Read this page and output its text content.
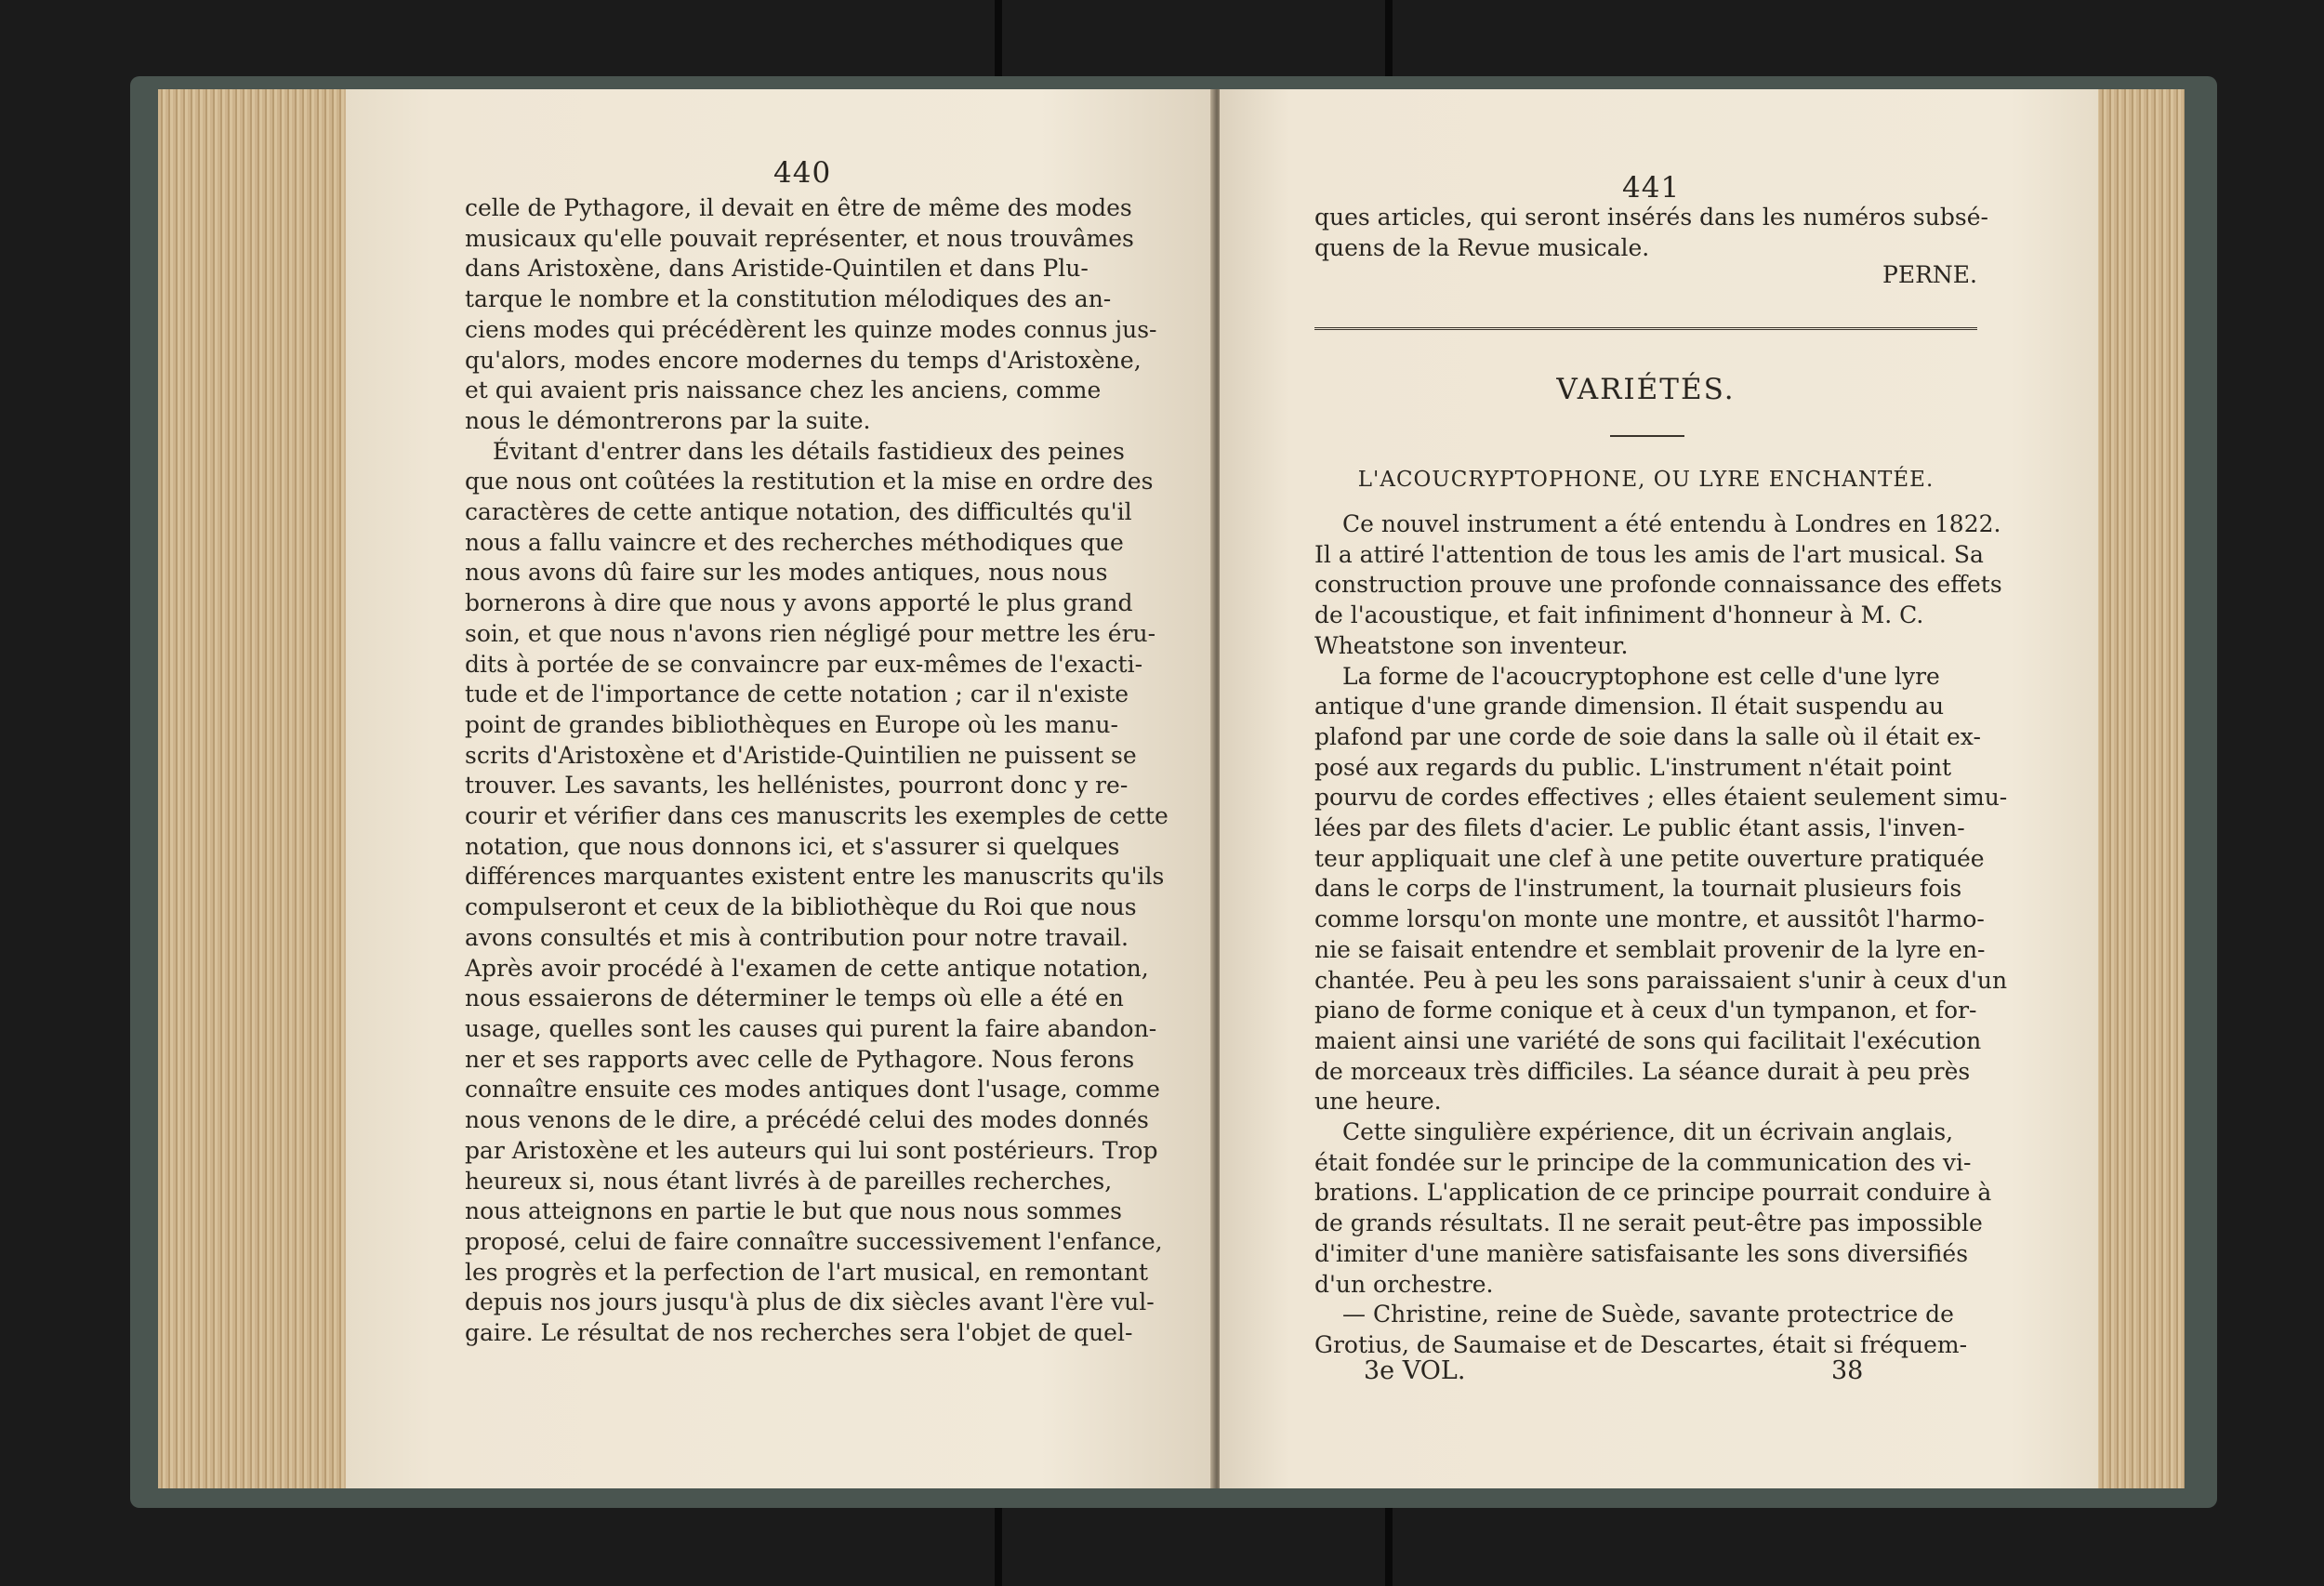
440
celle de Pythagore, il devait en être de même des modes
musicaux qu'elle pouvait représenter, et nous trouvâmes
dans Aristoxène, dans Aristide-Quintilen et dans Plu-
tarque le nombre et la constitution mélodiques des an-
ciens modes qui précédèrent les quinze modes connus jus-
qu'alors, modes encore modernes du temps d'Aristoxène,
et qui avaient pris naissance chez les anciens, comme
nous le démontrerons par la suite.
Évitant d'entrer dans les détails fastidieux des peines
que nous ont coûtées la restitution et la mise en ordre des
caractères de cette antique notation, des difficultés qu'il
nous a fallu vaincre et des recherches méthodiques que
nous avons dû faire sur les modes antiques, nous nous
bornerons à dire que nous y avons apporté le plus grand
soin, et que nous n'avons rien négligé pour mettre les éru-
dits à portée de se convaincre par eux-mêmes de l'exacti-
tude et de l'importance de cette notation ; car il n'existe
point de grandes bibliothèques en Europe où les manu-
scrits d'Aristoxène et d'Aristide-Quintilien ne puissent se
trouver. Les savants, les hellénistes, pourront donc y re-
courir et vérifier dans ces manuscrits les exemples de cette
notation, que nous donnons ici, et s'assurer si quelques
différences marquantes existent entre les manuscrits qu'ils
compulseront et ceux de la bibliothèque du Roi que nous
avons consultés et mis à contribution pour notre travail.
Après avoir procédé à l'examen de cette antique notation,
nous essaierons de déterminer le temps où elle a été en
usage, quelles sont les causes qui purent la faire abandon-
ner et ses rapports avec celle de Pythagore. Nous ferons
connaître ensuite ces modes antiques dont l'usage, comme
nous venons de le dire, a précédé celui des modes donnés
par Aristoxène et les auteurs qui lui sont postérieurs. Trop
heureux si, nous étant livrés à de pareilles recherches,
nous atteignons en partie le but que nous nous sommes
proposé, celui de faire connaître successivement l'enfance,
les progrès et la perfection de l'art musical, en remontant
depuis nos jours jusqu'à plus de dix siècles avant l'ère vul-
gaire. Le résultat de nos recherches sera l'objet de quel-
441
ques articles, qui seront insérés dans les numéros subsé-
quens de la Revue musicale.
PERNE.
VARIÉTÉS.
L'ACOUCRYPTOPHONE, OU LYRE ENCHANTÉE.
Ce nouvel instrument a été entendu à Londres en 1822.
Il a attiré l'attention de tous les amis de l'art musical. Sa
construction prouve une profonde connaissance des effets
de l'acoustique, et fait infiniment d'honneur à M. C.
Wheatstone son inventeur.
La forme de l'acoucryptophone est celle d'une lyre
antique d'une grande dimension. Il était suspendu au
plafond par une corde de soie dans la salle où il était ex-
posé aux regards du public. L'instrument n'était point
pourvu de cordes effectives ; elles étaient seulement simu-
lées par des filets d'acier. Le public étant assis, l'inven-
teur appliquait une clef à une petite ouverture pratiquée
dans le corps de l'instrument, la tournait plusieurs fois
comme lorsqu'on monte une montre, et aussitôt l'harmo-
nie se faisait entendre et semblait provenir de la lyre en-
chantée. Peu à peu les sons paraissaient s'unir à ceux d'un
piano de forme conique et à ceux d'un tympanon, et for-
maient ainsi une variété de sons qui facilitait l'exécution
de morceaux très difficiles. La séance durait à peu près
une heure.
Cette singulière expérience, dit un écrivain anglais,
était fondée sur le principe de la communication des vi-
brations. L'application de ce principe pourrait conduire à
de grands résultats. Il ne serait peut-être pas impossible
d'imiter d'une manière satisfaisante les sons diversifiés
d'un orchestre.
— Christine, reine de Suède, savante protectrice de
Grotius, de Saumaise et de Descartes, était si fréquem-
3e VOL.	38
